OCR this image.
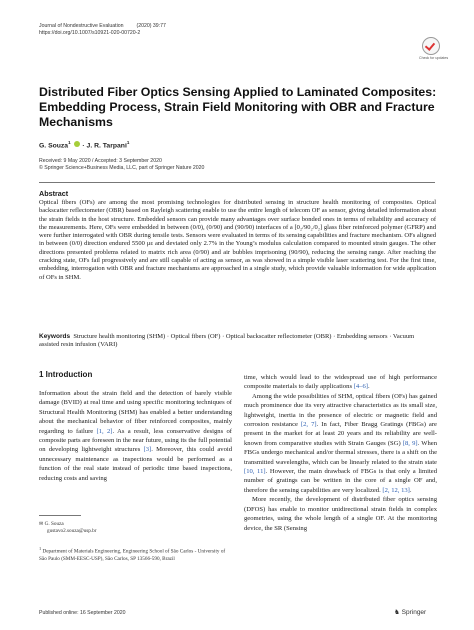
Journal of Nondestructive Evaluation (2020) 39:77
https://doi.org/10.1007/s10921-020-00720-2
Check for updates
Distributed Fiber Optics Sensing Applied to Laminated Composites: Embedding Process, Strain Field Monitoring with OBR and Fracture Mechanisms
G. Souza$^1$  · J. R. Tarpani$^1$
Received: 9 May 2020 / Accepted: 3 September 2020
© Springer Science+Business Media, LLC, part of Springer Nature 2020
Abstract
Optical fibers (OFs) are among the most promising technologies for distributed sensing in structure health monitoring of composites. Optical backscatter reflectometer (OBR) based on Rayleigh scattering enable to use the entire length of telecom OF as sensor, giving detailed information about the strain fields in the host structure. Embedded sensors can provide many advantages over surface bonded ones in terms of reliability and accuracy of the measurements. Here, OFs were embedded in between (0/0), (0/90) and (90/90) interfaces of a [0₂/90₂/0₂] glass fiber reinforced polymer (GFRP) and were further interrogated with OBR during tensile tests. Sensors were evaluated in terms of its sensing capabilities and fracture mechanism. OFs aligned in between (0/0) direction endured 5500 με and deviated only 2.7% in the Young’s modulus calculation compared to mounted strain gauges. The other directions presented problems related to matrix rich area (0/90) and air bubbles imprisoning (90/90), reducing the sensing range. After reaching the cracking state, OFs fail progressively and are still capable of acting as sensor, as was showed in a simple visible laser scattering test. For the first time, embedding, interrogation with OBR and fracture mechanisms are approached in a single study, which provide valuable information for wide application of OFs in SHM.
Keywords Structure health monitoring (SHM) · Optical fibers (OF) · Optical backscatter reflectometer (OBR) · Embedding sensors · Vacuum assisted resin infusion (VARI)
1 Introduction

Information about the strain field and the detection of barely visible damage (BVID) at real time and using specific monitoring techniques of Structural Health Monitoring (SHM) has enabled a better understanding about the mechanical behavior of fiber reinforced composites, mainly regarding to failure [1, 2]. As a result, less conservative designs of composite parts are foreseen in the near future, using its the full potential on developing lightweight structures [3]. Moreover, this could avoid unnecessary maintenance as inspections would be performed as a function of the real state instead of periodic time based inspections, reducing costs and saving

time, which would lead to the widespread use of high performance composite materials to daily applications [4–6].

Among the wide possibilities of SHM, optical fibers (OFs) has gained much prominence due its very attractive characteristics as its small size, lightweight, inertia in the presence of electric or magnetic field and corrosion resistance [2, 7]. In fact, Fiber Bragg Gratings (FBGs) are present in the market for at least 20 years and its reliability are well-known from comparative studies with Strain Gauges (SG) [8, 9]. When FBGs undergo mechanical and/or thermal stresses, there is a shift on the transmitted wavelengths, which can be linearly related to the strain state [10, 11]. However, the main drawback of FBGs is that only a limited number of gratings can be written in the core of a single OF and, therefore the sensing capabilities are very localized. [2, 12, 13].

More recently, the development of distributed fiber optics sensing (DFOS) has enable to monitor unidirectional strain fields in complex geometries, using the whole length of a single OF. At the monitoring device, the SR (Sensing

✉ G. Souza
gustavo2.souza@usp.br
$^1$ Department of Materials Engineering, Engineering School of São Carlos - University of São Paulo (SMM-EESC-USP), São Carlos, SP 13566-590, Brazil
Published online: 16 September 2020	♞ Springer
